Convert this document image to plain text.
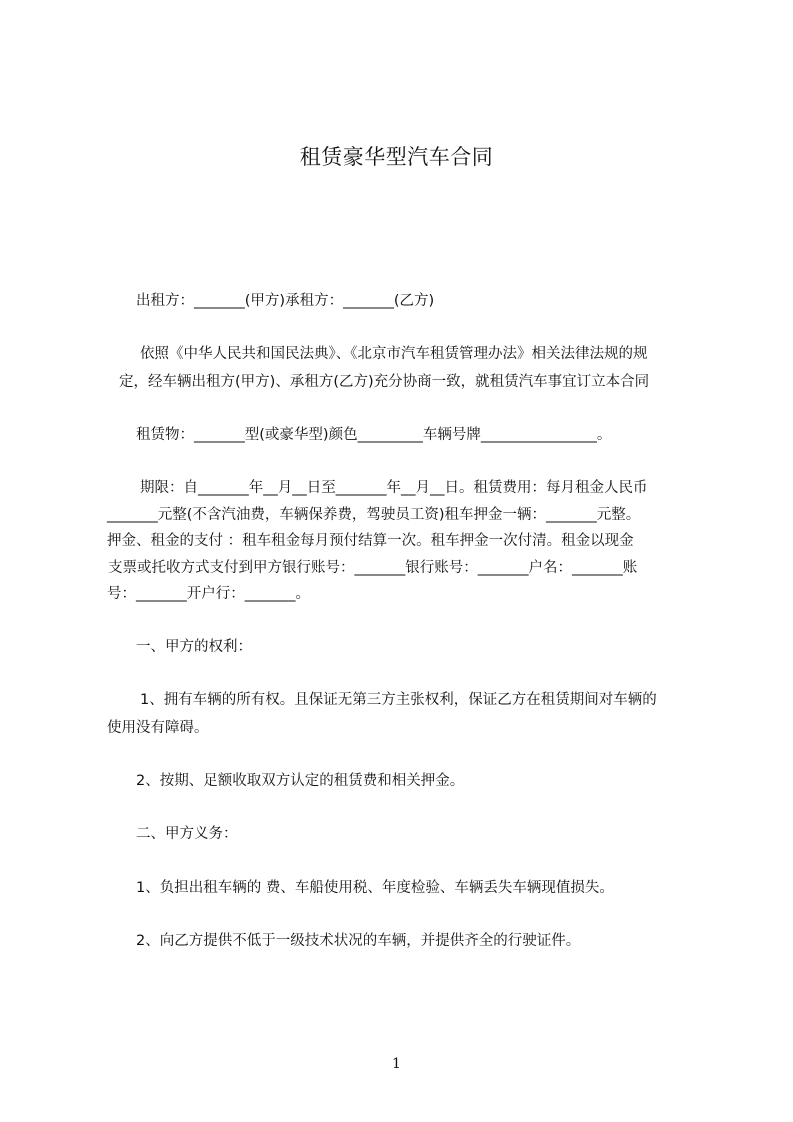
租赁豪华型汽车合同
出租方：_______(甲方)承租方：_______(乙方)
依照《中华人民共和国民法典》、《北京市汽车租赁管理办法》相关法律法规的规
定，经车辆出租方(甲方)、承租方(乙方)充分协商一致，就租赁汽车事宜订立本合同
租赁物：_______型(或豪华型)颜色_________车辆号牌________________。
期限：自_______年__月__日至_______年__月__日。租赁费用：每月租金人民币
_______元整(不含汽油费，车辆保养费，驾驶员工资)租车押金一辆：_______元整。
押金、租金的支付 ：租车租金每月预付结算一次。租车押金一次付清。租金以现金
支票或托收方式支付到甲方银行账号：_______银行账号：_______户名：_______账
号：_______开户行：_______。
一、甲方的权利：
1、拥有车辆的所有权。且保证无第三方主张权利，保证乙方在租赁期间对车辆的
使用没有障碍。
2、按期、足额收取双方认定的租赁费和相关押金。
二、甲方义务：
1、负担出租车辆的 费、车船使用税、年度检验、车辆丢失车辆现值损失。
2、向乙方提供不低于一级技术状况的车辆，并提供齐全的行驶证件。
1
